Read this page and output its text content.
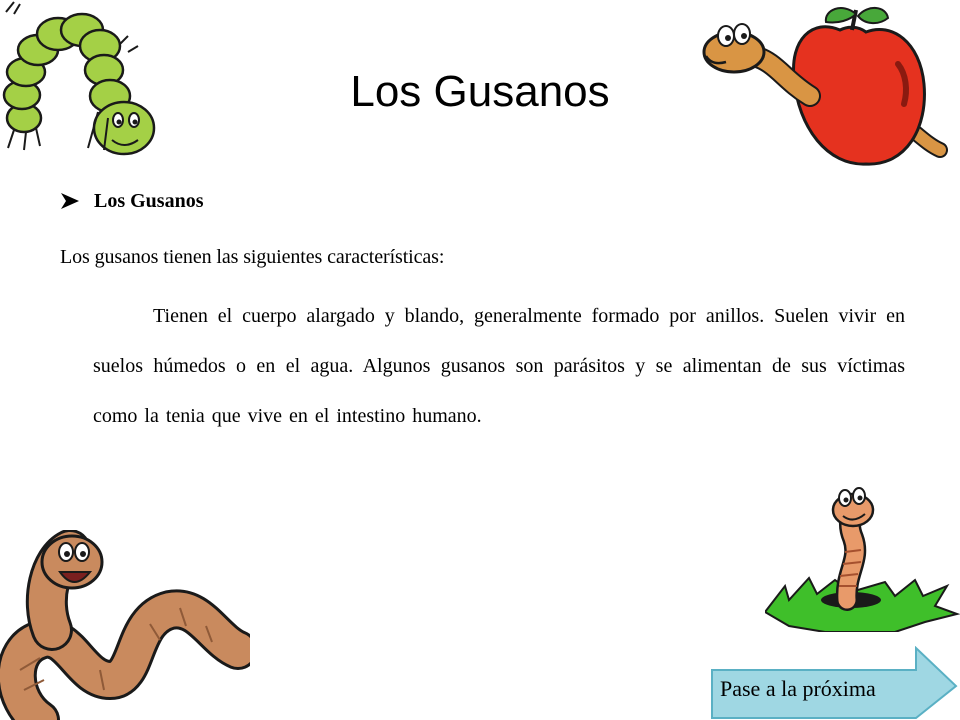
Los Gusanos
Los Gusanos
Los gusanos tienen las siguientes características:
Tienen el cuerpo alargado y blando, generalmente formado por anillos. Suelen vivir en suelos húmedos o en el agua. Algunos gusanos son parásitos y se alimentan de sus víctimas como la tenia que vive en el intestino humano.
Pase a la próxima
